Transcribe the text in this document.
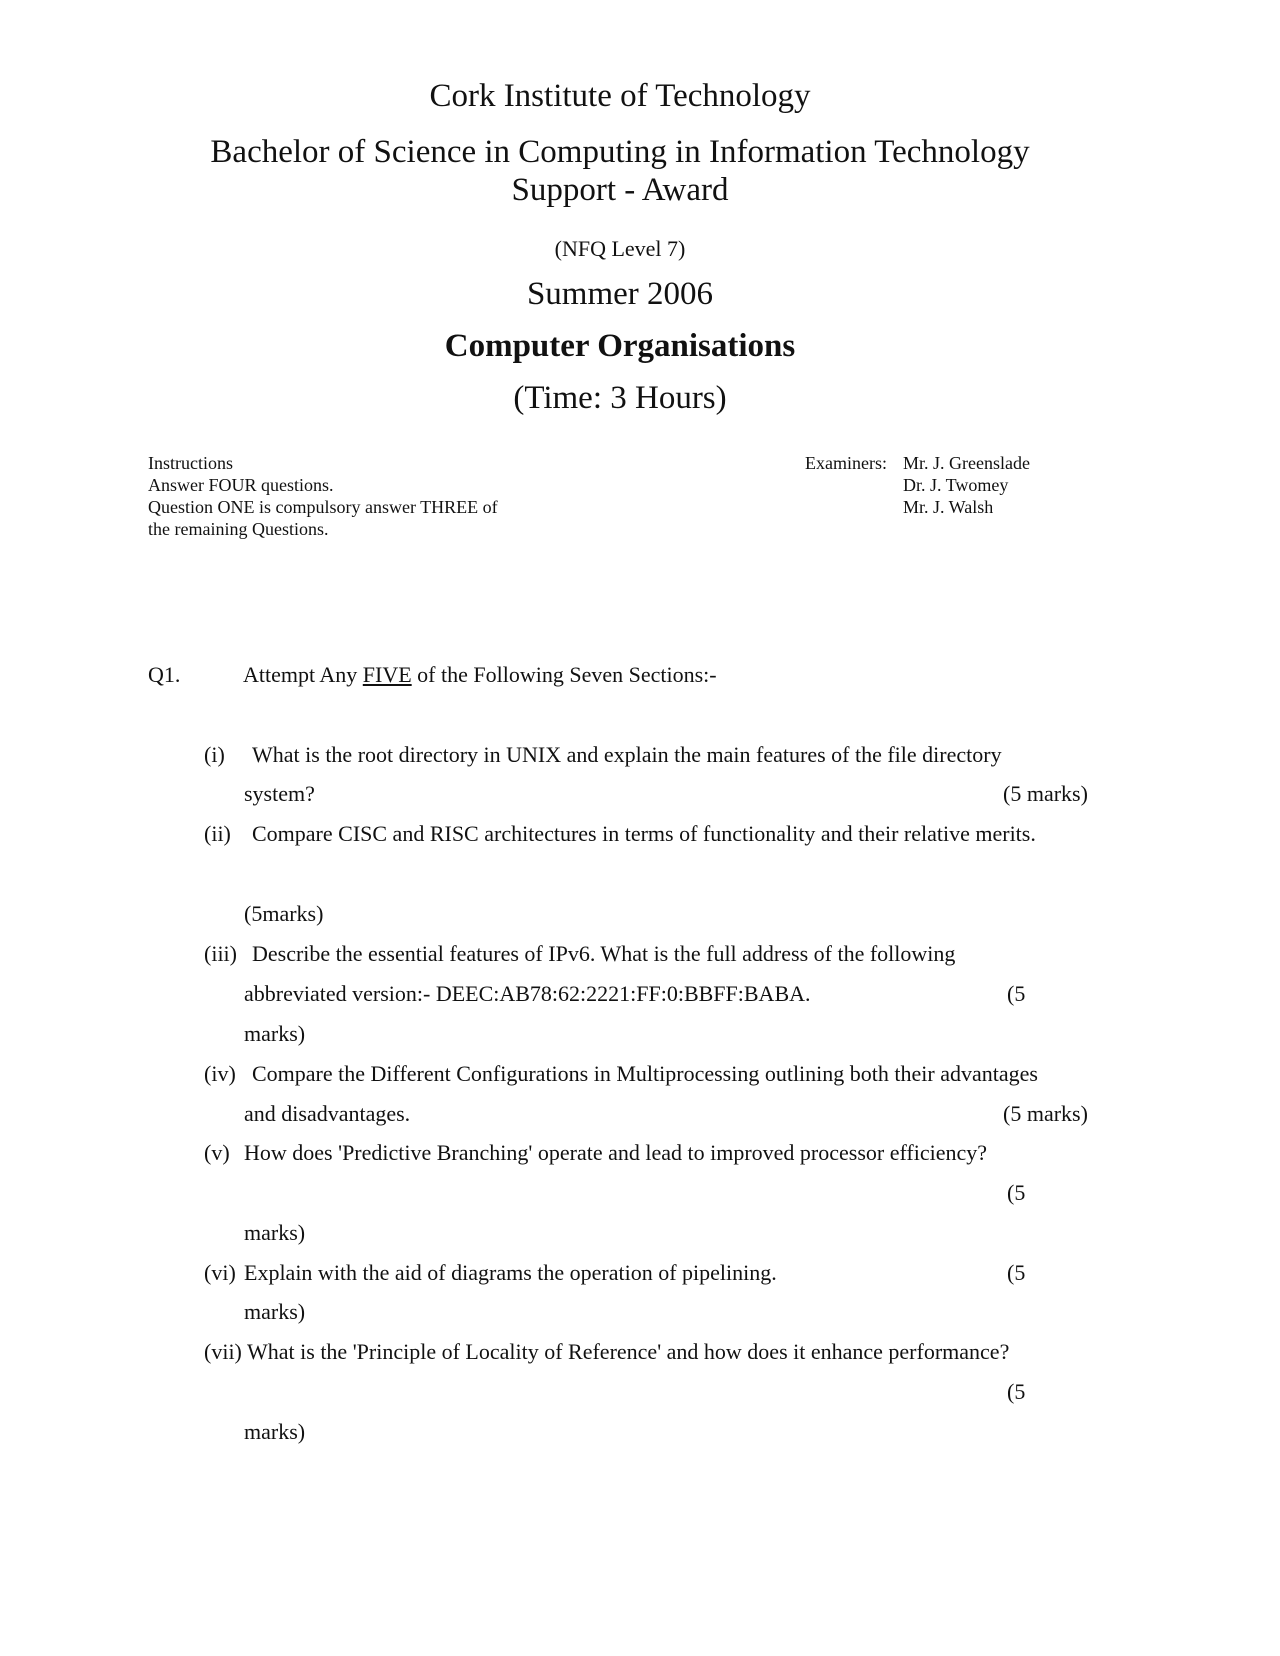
Cork Institute of Technology
Bachelor of Science in Computing in Information Technology
Support - Award
(NFQ Level 7)
Summer 2006
Computer Organisations
(Time: 3 Hours)
Instructions
Answer FOUR questions.
Question ONE is compulsory answer THREE of
the remaining Questions.
Examiners: Mr. J. Greenslade
Dr. J. Twomey
Mr. J. Walsh
Q1.	Attempt Any FIVE of the Following Seven Sections:-
(i) What is the root directory in UNIX and explain the main features of the file directory
system?	(5 marks)
(ii) Compare CISC and RISC architectures in terms of functionality and their relative merits.
(5marks)
(iii) Describe the essential features of IPv6. What is the full address of the following
abbreviated version:- DEEC:AB78:62:2221:FF:0:BBFF:BABA.	(5
marks)
(iv) Compare the Different Configurations in Multiprocessing outlining both their advantages
and disadvantages.	(5 marks)
(v) How does 'Predictive Branching' operate and lead to improved processor efficiency?
(5
marks)
(vi) Explain with the aid of diagrams the operation of pipelining.	(5
marks)
(vii) What is the 'Principle of Locality of Reference' and how does it enhance performance?
(5
marks)
